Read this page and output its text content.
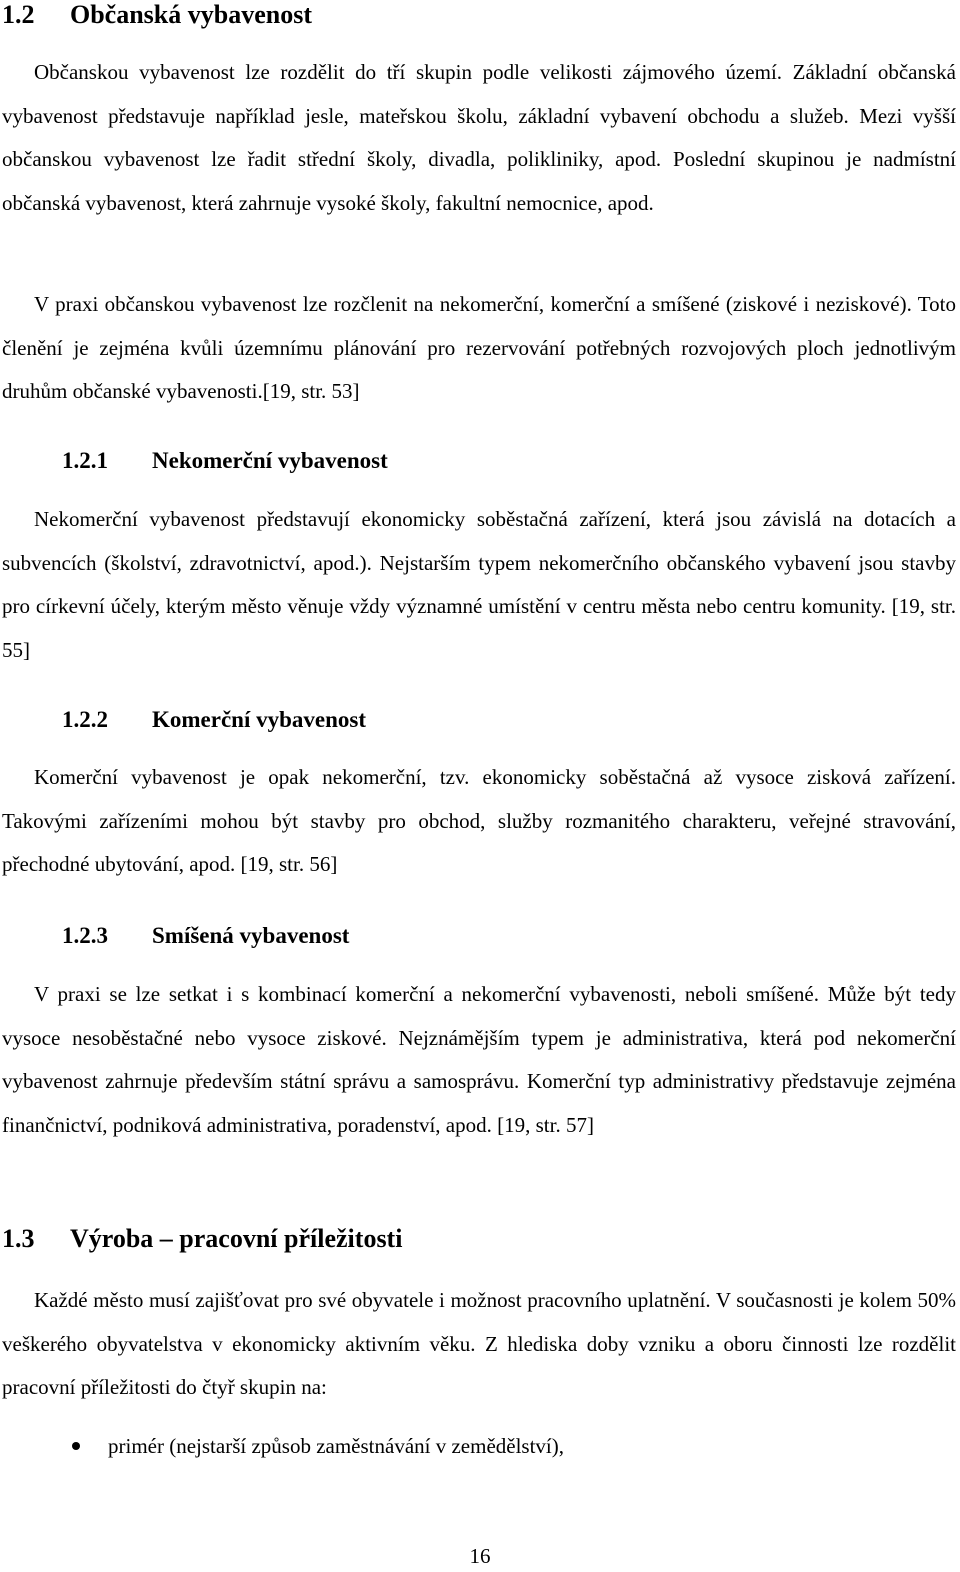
1.2 Občanská vybavenost

Občanskou vybavenost lze rozdělit do tří skupin podle velikosti zájmového území. Základní občanská vybavenost představuje například jesle, mateřskou školu, základní vybavení obchodu a služeb. Mezi vyšší občanskou vybavenost lze řadit střední školy, divadla, polikliniky, apod. Poslední skupinou je nadmístní občanská vybavenost, která zahrnuje vysoké školy, fakultní nemocnice, apod.

V praxi občanskou vybavenost lze rozčlenit na nekomerční, komerční a smíšené (ziskové i neziskové). Toto členění je zejména kvůli územnímu plánování pro rezervování potřebných rozvojových ploch jednotlivým druhům občanské vybavenosti.[19, str. 53]

1.2.1 Nekomerční vybavenost

Nekomerční vybavenost představují ekonomicky soběstačná zařízení, která jsou závislá na dotacích a subvencích (školství, zdravotnictví, apod.). Nejstarším typem nekomerčního občanského vybavení jsou stavby pro církevní účely, kterým město věnuje vždy významné umístění v centru města nebo centru komunity. [19, str. 55]

1.2.2 Komerční vybavenost

Komerční vybavenost je opak nekomerční, tzv. ekonomicky soběstačná až vysoce zisková zařízení. Takovými zařízeními mohou být stavby pro obchod, služby rozmanitého charakteru, veřejné stravování, přechodné ubytování, apod. [19, str. 56]

1.2.3 Smíšená vybavenost

V praxi se lze setkat i s kombinací komerční a nekomerční vybavenosti, neboli smíšené. Může být tedy vysoce nesoběstačné nebo vysoce ziskové. Nejznámějším typem je administrativa, která pod nekomerční vybavenost zahrnuje především státní správu a samosprávu. Komerční typ administrativy představuje zejména finančnictví, podniková administrativa, poradenství, apod. [19, str. 57]

1.3 Výroba – pracovní příležitosti

Každé město musí zajišťovat pro své obyvatele i možnost pracovního uplatnění. V současnosti je kolem 50% veškerého obyvatelstva v ekonomicky aktivním věku. Z hlediska doby vzniku a oboru činnosti lze rozdělit pracovní příležitosti do čtyř skupin na:

primér (nejstarší způsob zaměstnávání v zemědělství),
16
